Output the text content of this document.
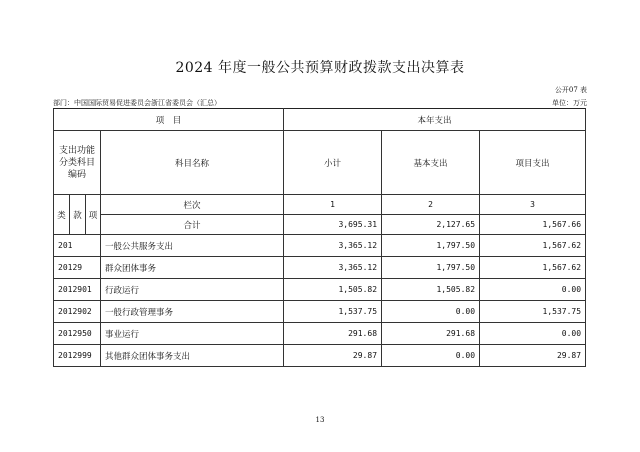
2024 年度一般公共预算财政拨款支出决算表
公开07 表
部门：中国国际贸易促进委员会浙江省委员会（汇总）	单位：万元
项　目				本年支出		
支出功能分类科目编码			科目名称	小计	基本支出	项目支出
类	款	项				
			栏次	1	2	3
			合计	3,695.31	2,127.65	1,567.66
201			一般公共服务支出	3,365.12	1,797.50	1,567.62
20129			群众团体事务	3,365.12	1,797.50	1,567.62
2012901			行政运行	1,505.82	1,505.82	0.00
2012902			一般行政管理事务	1,537.75	0.00	1,537.75
2012950			事业运行	291.68	291.68	0.00
2012999			其他群众团体事务支出	29.87	0.00	29.87
13
